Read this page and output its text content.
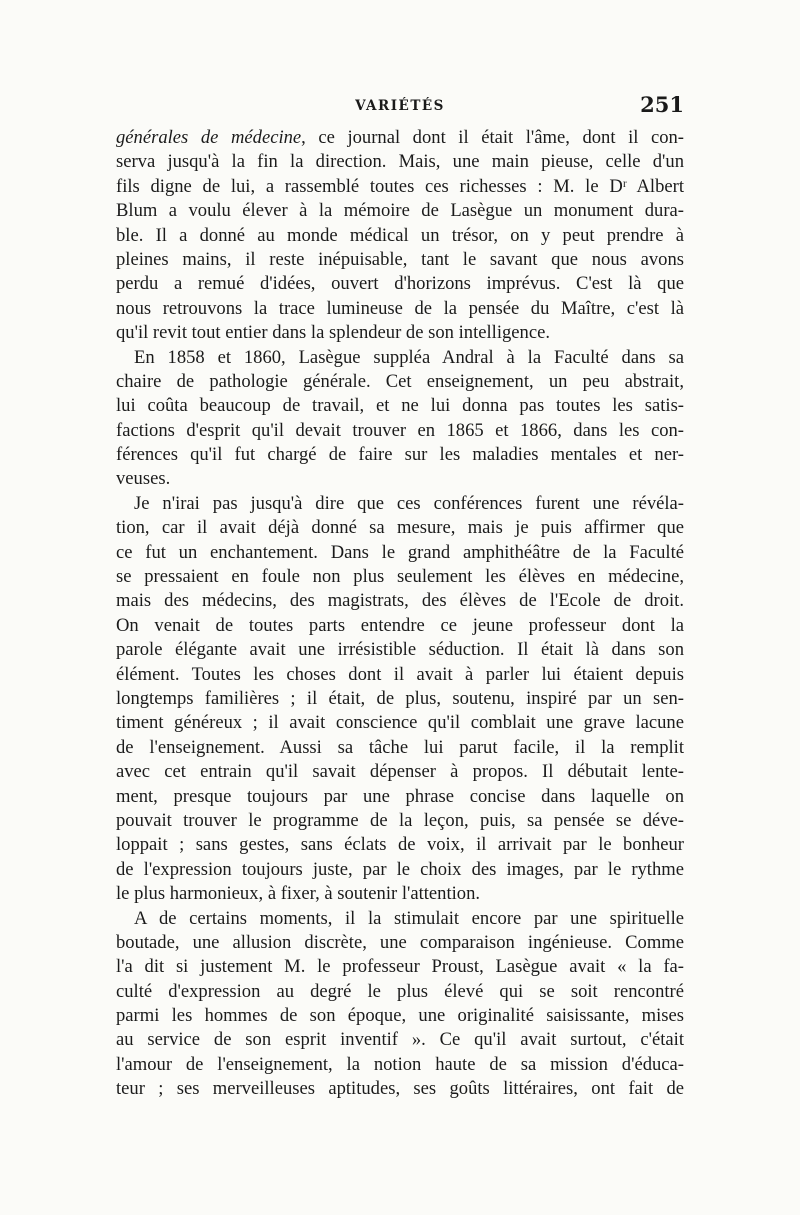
VARIÉTÉS	251
générales de médecine, ce journal dont il était l'âme, dont il con-
serva jusqu'à la fin la direction. Mais, une main pieuse, celle d'un
fils digne de lui, a rassemblé toutes ces richesses : M. le Dʳ Albert
Blum a voulu élever à la mémoire de Lasègue un monument dura-
ble. Il a donné au monde médical un trésor, on y peut prendre à
pleines mains, il reste inépuisable, tant le savant que nous avons
perdu a remué d'idées, ouvert d'horizons imprévus. C'est là que
nous retrouvons la trace lumineuse de la pensée du Maître, c'est là
qu'il revit tout entier dans la splendeur de son intelligence.
En 1858 et 1860, Lasègue suppléa Andral à la Faculté dans sa
chaire de pathologie générale. Cet enseignement, un peu abstrait,
lui coûta beaucoup de travail, et ne lui donna pas toutes les satis-
factions d'esprit qu'il devait trouver en 1865 et 1866, dans les con-
férences qu'il fut chargé de faire sur les maladies mentales et ner-
veuses.
Je n'irai pas jusqu'à dire que ces conférences furent une révéla-
tion, car il avait déjà donné sa mesure, mais je puis affirmer que
ce fut un enchantement. Dans le grand amphithéâtre de la Faculté
se pressaient en foule non plus seulement les élèves en médecine,
mais des médecins, des magistrats, des élèves de l'Ecole de droit.
On venait de toutes parts entendre ce jeune professeur dont la
parole élégante avait une irrésistible séduction. Il était là dans son
élément. Toutes les choses dont il avait à parler lui étaient depuis
longtemps familières ; il était, de plus, soutenu, inspiré par un sen-
timent généreux ; il avait conscience qu'il comblait une grave lacune
de l'enseignement. Aussi sa tâche lui parut facile, il la remplit
avec cet entrain qu'il savait dépenser à propos. Il débutait lente-
ment, presque toujours par une phrase concise dans laquelle on
pouvait trouver le programme de la leçon, puis, sa pensée se déve-
loppait ; sans gestes, sans éclats de voix, il arrivait par le bonheur
de l'expression toujours juste, par le choix des images, par le rythme
le plus harmonieux, à fixer, à soutenir l'attention.
A de certains moments, il la stimulait encore par une spirituelle
boutade, une allusion discrète, une comparaison ingénieuse. Comme
l'a dit si justement M. le professeur Proust, Lasègue avait « la fa-
culté d'expression au degré le plus élevé qui se soit rencontré
parmi les hommes de son époque, une originalité saisissante, mises
au service de son esprit inventif ». Ce qu'il avait surtout, c'était
l'amour de l'enseignement, la notion haute de sa mission d'éduca-
teur ; ses merveilleuses aptitudes, ses goûts littéraires, ont fait de
